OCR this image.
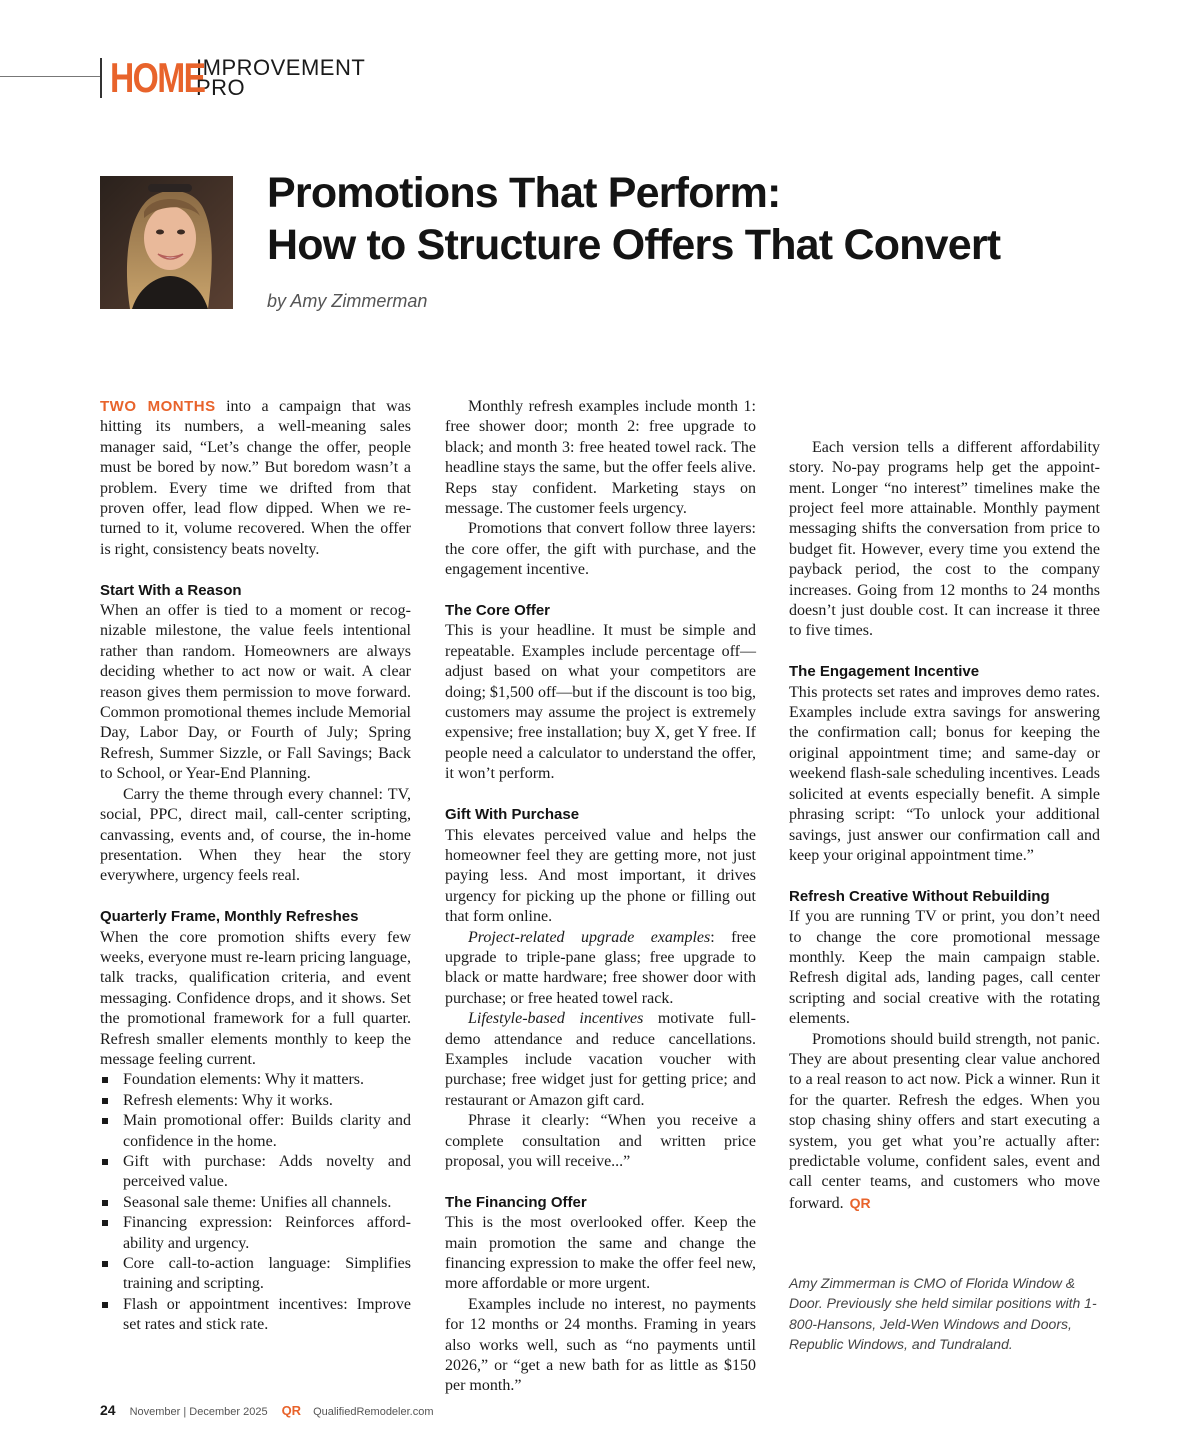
HOME
IMPROVEMENT
PRO
Promotions That Perform:
How to Structure Offers That Convert
by Amy Zimmerman

TWO MONTHS into a campaign that was hitting its numbers, a well-meaning sales manager said, “Let’s change the offer, people must be bored by now.” But boredom wasn’t a problem. Every time we drifted from that proven offer, lead flow dipped. When we returned to it, volume recovered. When the offer is right, consistency beats novelty.

Start With a Reason

When an offer is tied to a moment or recognizable milestone, the value feels intentional rather than random. Homeowners are always deciding whether to act now or wait. A clear reason gives them permission to move forward. Common promotional themes include Memorial Day, Labor Day, or Fourth of July; Spring Refresh, Summer Sizzle, or Fall Savings; Back to School, or Year-End Planning.

Carry the theme through every channel: TV, social, PPC, direct mail, call-center scripting, canvassing, events and, of course, the in-home presentation. When they hear the story everywhere, urgency feels real.

Quarterly Frame, Monthly Refreshes

When the core promotion shifts every few weeks, everyone must re-learn pricing language, talk tracks, qualification criteria, and event messaging. Confidence drops, and it shows. Set the promotional framework for a full quarter. Refresh smaller elements monthly to keep the message feeling current.

Foundation elements: Why it matters.
Refresh elements: Why it works.
Main promotional offer: Builds clarity and confidence in the home.
Gift with purchase: Adds novelty and perceived value.
Seasonal sale theme: Unifies all channels.
Financing expression: Reinforces affordability and urgency.
Core call-to-action language: Simplifies training and scripting.
Flash or appointment incentives: Improve set rates and stick rate.

Monthly refresh examples include month 1: free shower door; month 2: free upgrade to black; and month 3: free heated towel rack. The headline stays the same, but the offer feels alive. Reps stay confident. Marketing stays on message. The customer feels urgency.

Promotions that convert follow three layers: the core offer, the gift with purchase, and the engagement incentive.

The Core Offer

This is your headline. It must be simple and repeatable. Examples include percentage off—adjust based on what your competitors are doing; $1,500 off—but if the discount is too big, customers may assume the project is extremely expensive; free installation; buy X, get Y free. If people need a calculator to understand the offer, it won’t perform.

Gift With Purchase

This elevates perceived value and helps the homeowner feel they are getting more, not just paying less. And most important, it drives urgency for picking up the phone or filling out that form online.

Project-related upgrade examples: free upgrade to triple-pane glass; free upgrade to black or matte hardware; free shower door with purchase; or free heated towel rack.

Lifestyle-based incentives motivate full-demo attendance and reduce cancellations. Examples include vacation voucher with purchase; free widget just for getting price; and restaurant or Amazon gift card.

Phrase it clearly: “When you receive a complete consultation and written price proposal, you will receive...”

The Financing Offer

This is the most overlooked offer. Keep the main promotion the same and change the financing expression to make the offer feel new, more affordable or more urgent.

Examples include no interest, no payments for 12 months or 24 months. Framing in years also works well, such as “no payments until 2026,” or “get a new bath for as little as $150 per month.”

Each version tells a different affordability story. No-pay programs help get the appointment. Longer “no interest” timelines make the project feel more attainable. Monthly payment messaging shifts the conversation from price to budget fit. However, every time you extend the payback period, the cost to the company increases. Going from 12 months to 24 months doesn’t just double cost. It can increase it three to five times.

The Engagement Incentive

This protects set rates and improves demo rates. Examples include extra savings for answering the confirmation call; bonus for keeping the original appointment time; and same-day or weekend flash-sale scheduling incentives. Leads solicited at events especially benefit. A simple phrasing script: “To unlock your additional savings, just answer our confirmation call and keep your original appointment time.”

Refresh Creative Without Rebuilding

If you are running TV or print, you don’t need to change the core promotional message monthly. Keep the main campaign stable. Refresh digital ads, landing pages, call center scripting and social creative with the rotating elements.

Promotions should build strength, not panic. They are about presenting clear value anchored to a real reason to act now. Pick a winner. Run it for the quarter. Refresh the edges. When you stop chasing shiny offers and start executing a system, you get what you’re actually after: predictable volume, confident sales, event and call center teams, and customers who move forward. QR

Amy Zimmerman is CMO of Florida Window & Door. Previously she held similar positions with 1-800-Hansons, Jeld-Wen Windows and Doors, Republic Windows, and Tundraland.
24 November | December 2025 QR QualifiedRemodeler.com
